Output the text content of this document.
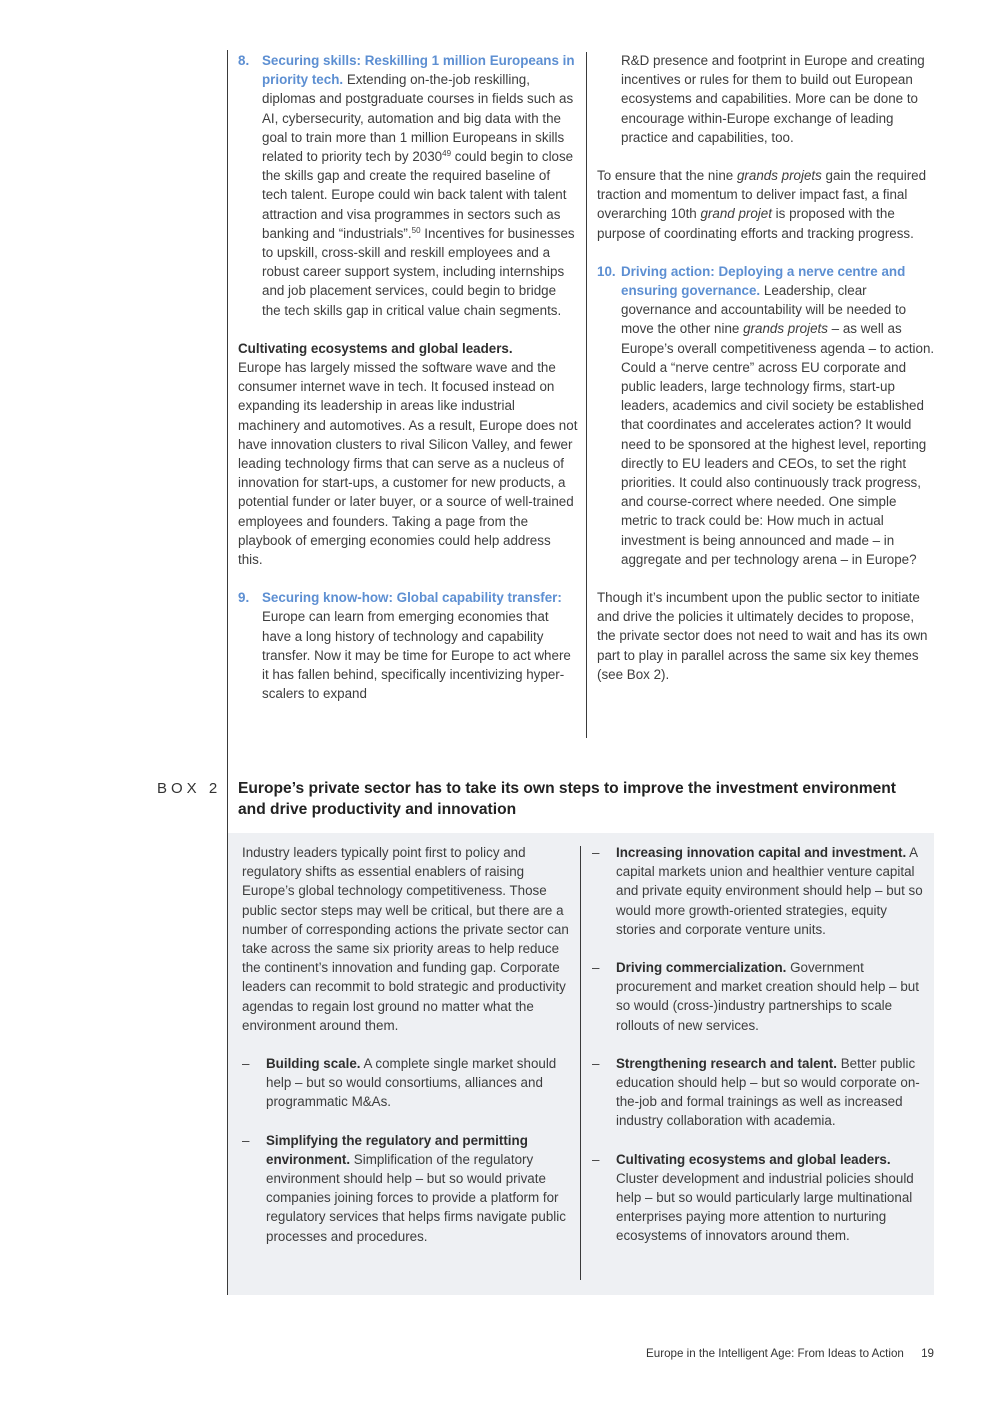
8. Securing skills: Reskilling 1 million Europeans in priority tech. Extending on-the-job reskilling, diplomas and postgraduate courses in fields such as AI, cybersecurity, automation and big data with the goal to train more than 1 million Europeans in skills related to priority tech by 2030$^{49}$ could begin to close the skills gap and create the required baseline of tech talent. Europe could win back talent with talent attraction and visa programmes in sectors such as banking and “industrials”.$^{50}$ Incentives for businesses to upskill, cross-skill and reskill employees and a robust career support system, including internships and job placement services, could begin to bridge the tech skills gap in critical value chain segments.

Cultivating ecosystems and global leaders.
Europe has largely missed the software wave and the consumer internet wave in tech. It focused instead on expanding its leadership in areas like industrial machinery and automotives. As a result, Europe does not have innovation clusters to rival Silicon Valley, and fewer leading technology firms that can serve as a nucleus of innovation for start-ups, a customer for new products, a potential funder or later buyer, or a source of well-trained employees and founders. Taking a page from the playbook of emerging economies could help address this.

9. Securing know-how: Global capability transfer: Europe can learn from emerging economies that have a long history of technology and capability transfer. Now it may be time for Europe to act where it has fallen behind, specifically incentivizing hyper-scalers to expand

R&D presence and footprint in Europe and creating incentives or rules for them to build out European ecosystems and capabilities. More can be done to encourage within-Europe exchange of leading practice and capabilities, too.

To ensure that the nine grands projets gain the required traction and momentum to deliver impact fast, a final overarching 10th grand projet is proposed with the purpose of coordinating efforts and tracking progress.

10. Driving action: Deploying a nerve centre and ensuring governance. Leadership, clear governance and accountability will be needed to move the other nine grands projets – as well as Europe’s overall competitiveness agenda – to action. Could a “nerve centre” across EU corporate and public leaders, large technology firms, start-up leaders, academics and civil society be established that coordinates and accelerates action? It would need to be sponsored at the highest level, reporting directly to EU leaders and CEOs, to set the right priorities. It could also continuously track progress, and course-correct where needed. One simple metric to track could be: How much in actual investment is being announced and made – in aggregate and per technology arena – in Europe?

Though it’s incumbent upon the public sector to initiate and drive the policies it ultimately decides to propose, the private sector does not need to wait and has its own part to play in parallel across the same six key themes (see Box 2).

BOX 2 Europe’s private sector has to take its own steps to improve the investment environment and drive productivity and innovation

Industry leaders typically point first to policy and regulatory shifts as essential enablers of raising Europe’s global technology competitiveness. Those public sector steps may well be critical, but there are a number of corresponding actions the private sector can take across the same six priority areas to help reduce the continent’s innovation and funding gap. Corporate leaders can recommit to bold strategic and productivity agendas to regain lost ground no matter what the environment around them.

– Building scale. A complete single market should help – but so would consortiums, alliances and programmatic M&As.
– Simplifying the regulatory and permitting environment. Simplification of the regulatory environment should help – but so would private companies joining forces to provide a platform for regulatory services that helps firms navigate public processes and procedures.
– Increasing innovation capital and investment. A capital markets union and healthier venture capital and private equity environment should help – but so would more growth-oriented strategies, equity stories and corporate venture units.
– Driving commercialization. Government procurement and market creation should help – but so would (cross-)industry partnerships to scale rollouts of new services.
– Strengthening research and talent. Better public education should help – but so would corporate on-the-job and formal trainings as well as increased industry collaboration with academia.
– Cultivating ecosystems and global leaders. Cluster development and industrial policies should help – but so would particularly large multinational enterprises paying more attention to nurturing ecosystems of innovators around them.
Europe in the Intelligent Age: From Ideas to Action 19
